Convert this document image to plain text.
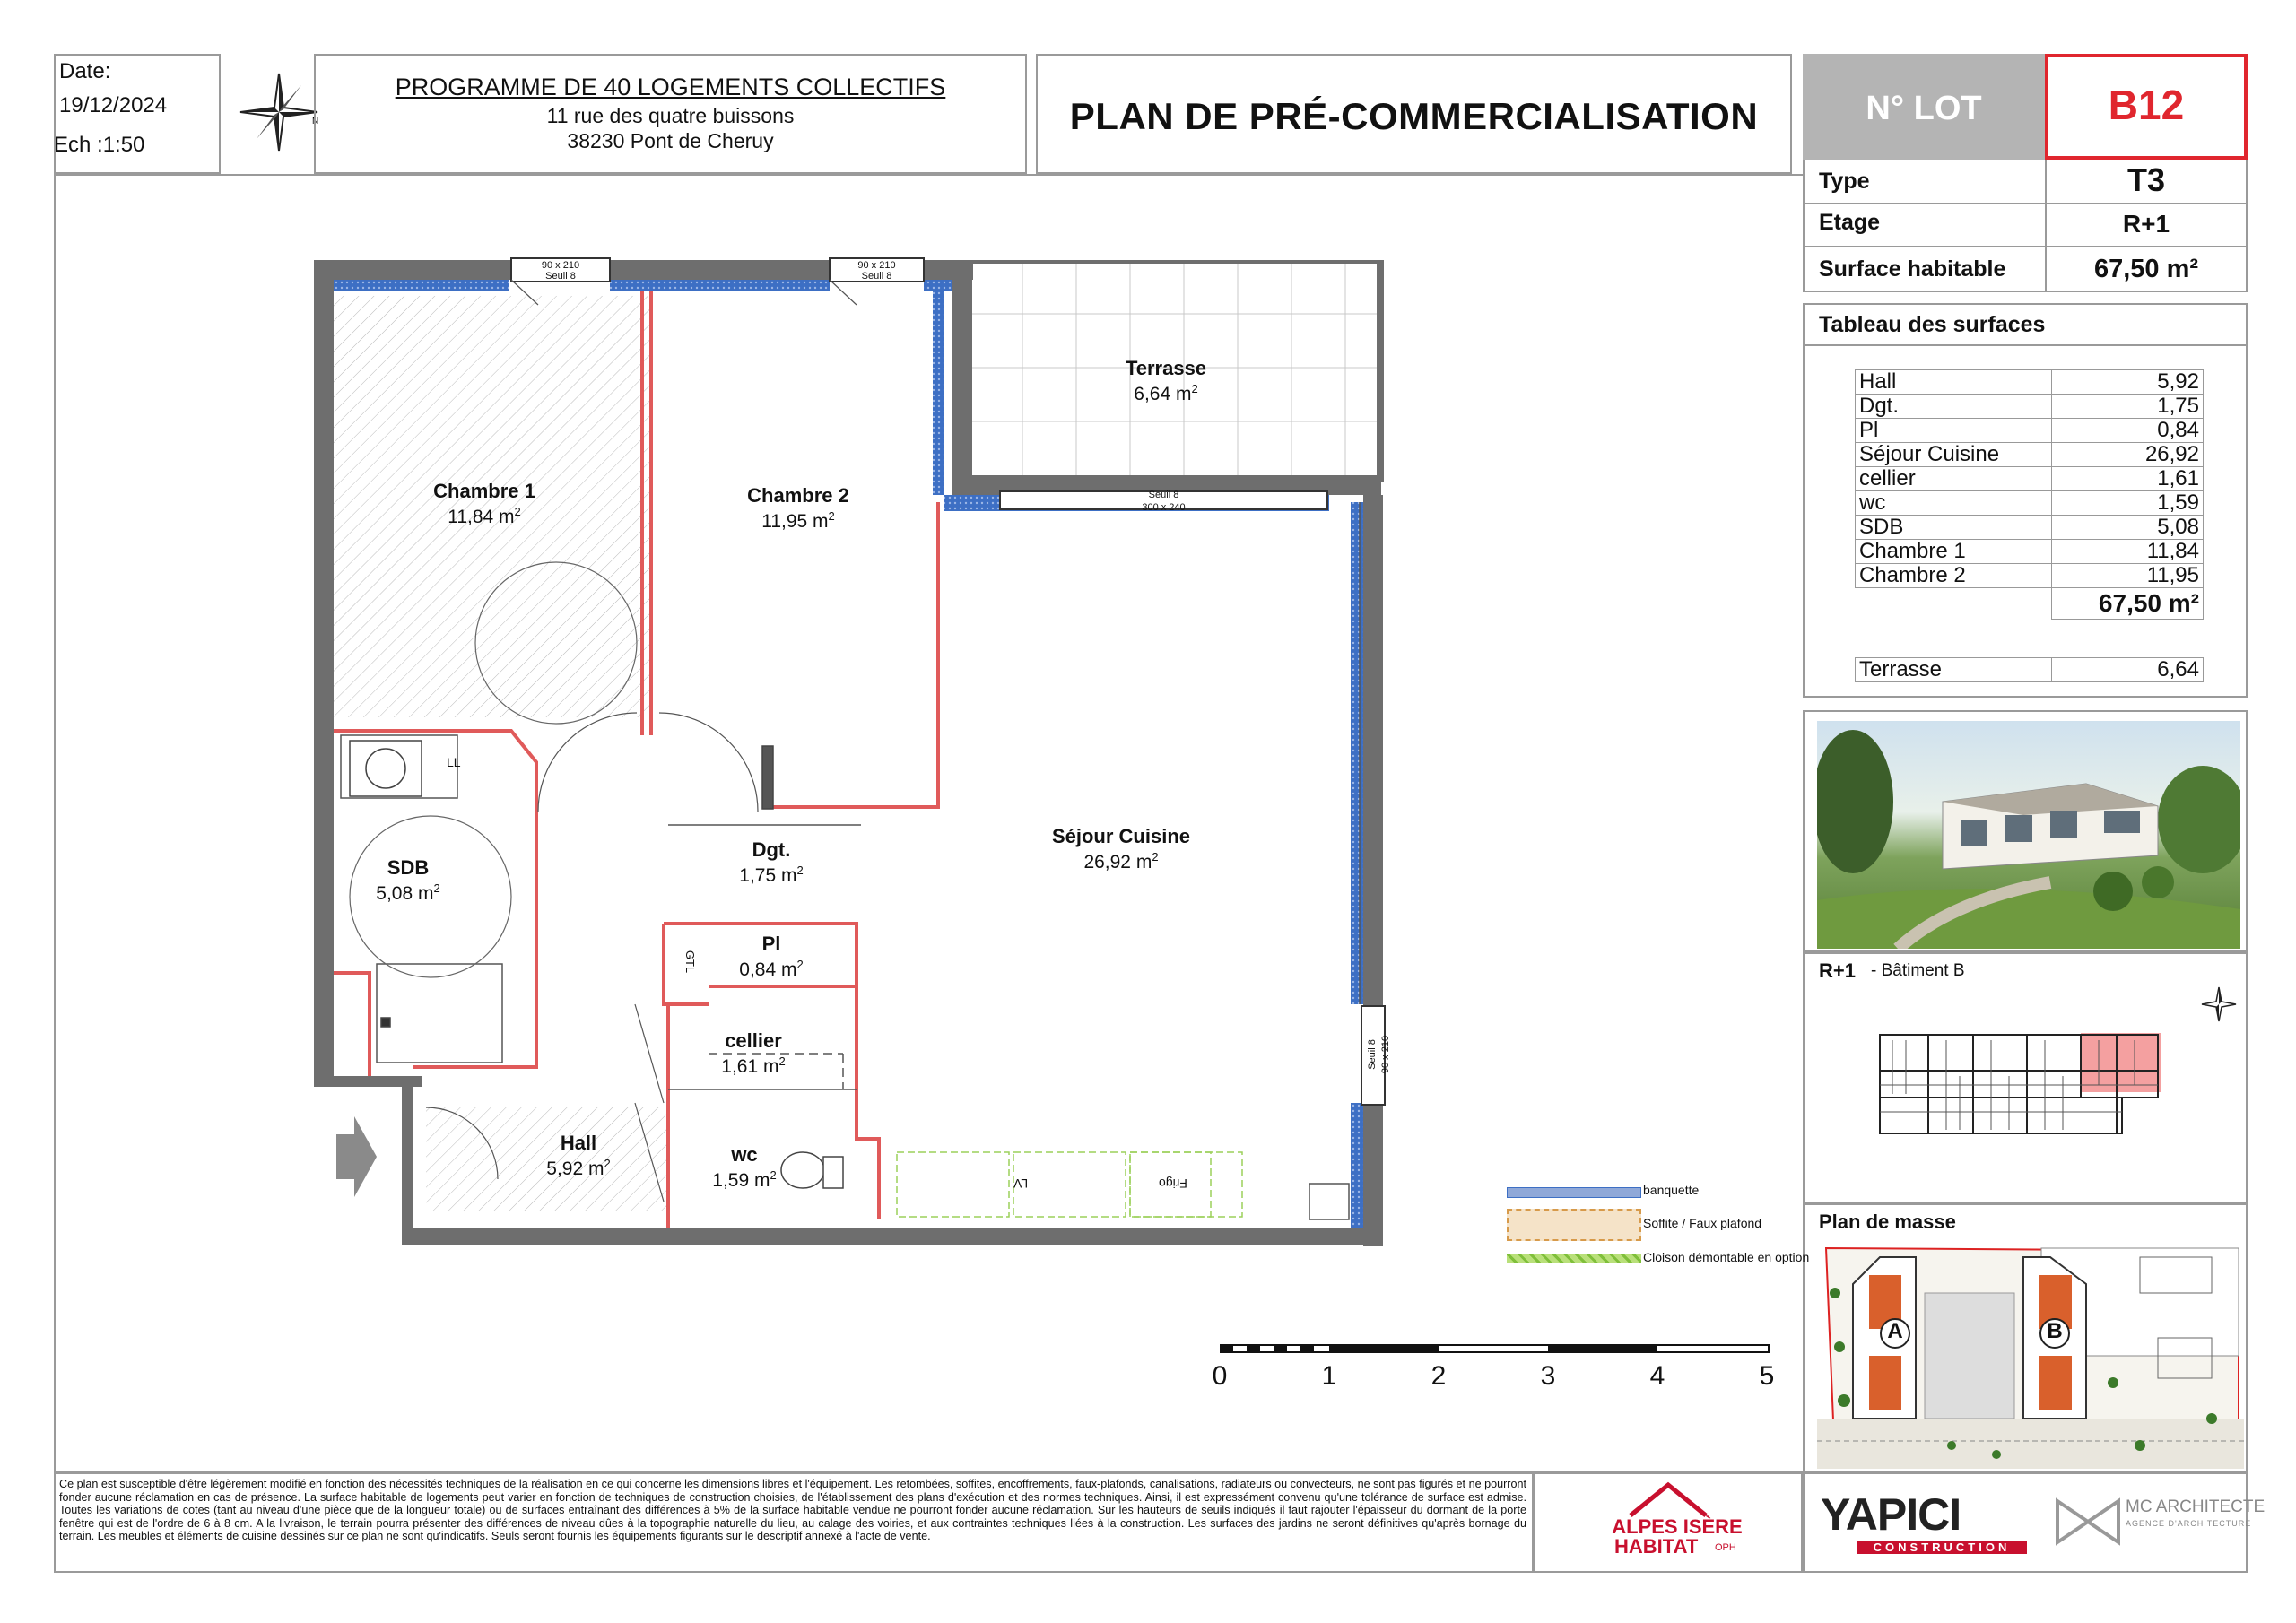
Date:
19/12/2024
Ech :1:50
N
PROGRAMME DE 40 LOGEMENTS COLLECTIFS
11 rue des quatre buissons
38230 Pont de Cheruy
PLAN DE PRÉ-COMMERCIALISATION	N° LOT	B12
Type	T3
Etage	R+1
Surface habitable	67,50 m²
Tableau des surfaces
Hall	5,92
Dgt.	1,75
Pl	0,84
Séjour Cuisine	26,92
cellier	1,61
wc	1,59
SDB	5,08
Chambre 1	11,84
Chambre 2	11,95
	67,50 m²
Terrasse	6,64
R+1 - Bâtiment B
Plan de masse
A	B
90 x 210
Seuil 8
90 x 210
Seuil 8
Seuil 8
300 x 240
Seuil 8 90 x 210
LL
GTL
LV	Frigo
Chambre 1
11,84 $m^2$
Chambre 2
11,95 $m^2$
Terrasse
6,64 $m^2$
Séjour Cuisine
26,92 $m^2$
SDB
5,08 $m^2$
Dgt.
1,75 $m^2$
Pl
0,84 $m^2$
cellier
1,61 $m^2$
wc
1,59 $m^2$
Hall
5,92 $m^2$
banquette
Soffite / Faux plafond
Cloison démontable en option
0	1	2	3	4	5
Ce plan est susceptible d'être légèrement modifié en fonction des nécessités techniques de la réalisation en ce qui concerne les dimensions libres et l'équipement. Les retombées, soffites, encoffrements, faux-plafonds, canalisations, radiateurs ou convecteurs, ne sont pas figurés et ne pourront fonder aucune réclamation en cas de présence. La surface habitable de logements peut varier en fonction de techniques de construction choisies, de l'établissement des plans d'exécution et des normes techniques. Ainsi, il est expressément convenu qu'une tolérance de surface est admise. Toutes les variations de cotes (tant au niveau d'une pièce que de la longueur totale) ou de surfaces entraînant des différences à 5% de la surface habitable vendue ne pourront fonder aucune réclamation. Sur les hauteurs de seuils indiqués il faut rajouter l'épaisseur du dormant de la porte fenêtre qui est de l'ordre de 6 à 8 cm. A la livraison, le terrain pourra présenter des différences de niveau dûes à la topographie naturelle du lieu, au calage des voiries, et aux contraintes techniques liées à la construction. Les surfaces des jardins ne seront définitives qu'après bornage du terrain. Les meubles et éléments de cuisine dessinés sur ce plan ne sont qu'indicatifs. Seuls seront fournis les équipements figurants sur le descriptif annexé à l'acte de vente.	ALPES ISÈRE
HABITAT OPH
YAPICI
CONSTRUCTION
MC ARCHITECTE
AGENCE D'ARCHITECTURE
